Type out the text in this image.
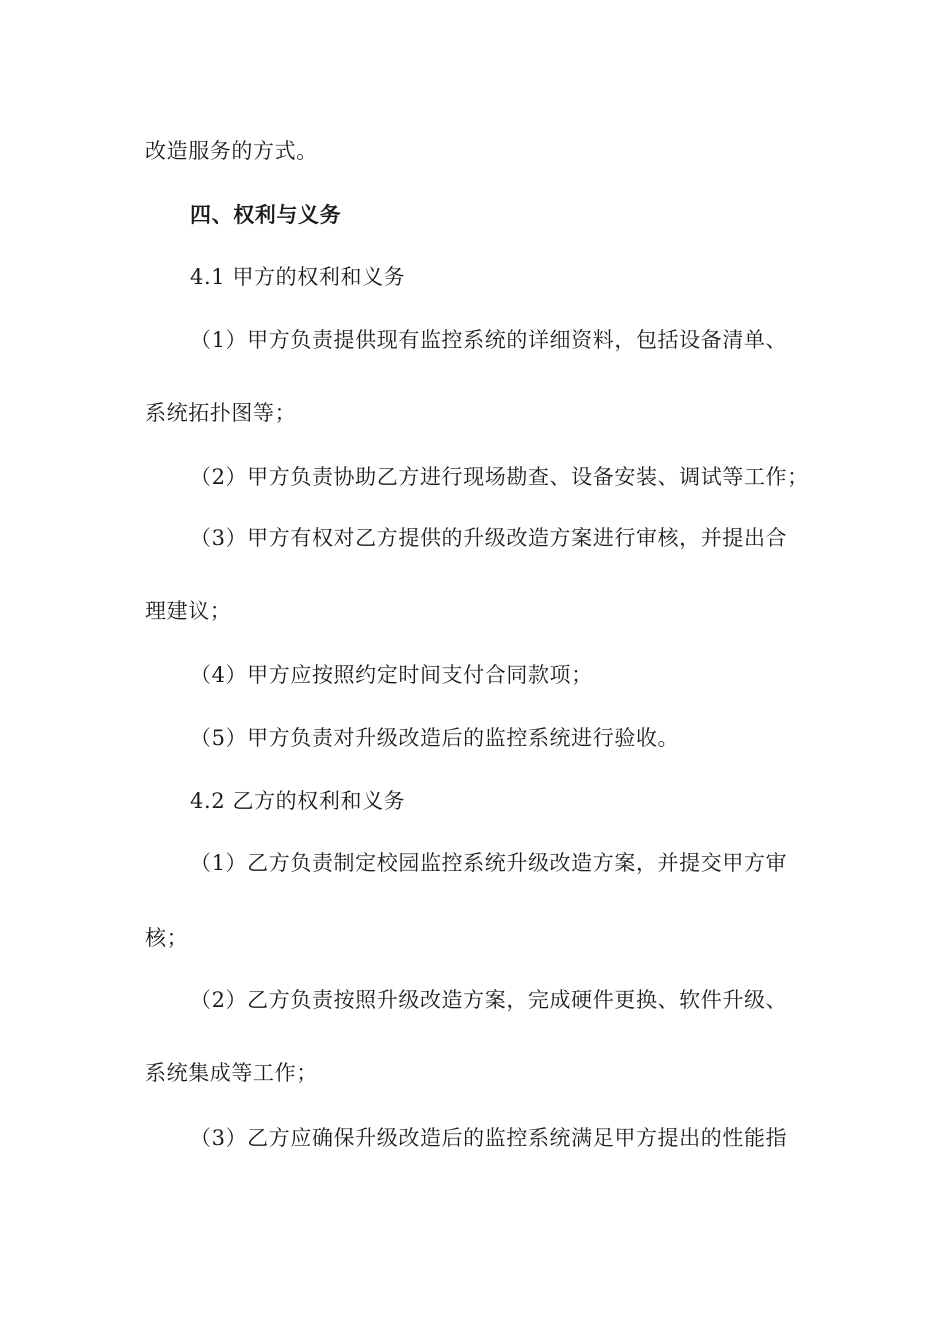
改造服务的方式。
四、权利与义务
4.1 甲方的权利和义务
（1）甲方负责提供现有监控系统的详细资料，包括设备清单、
系统拓扑图等；
（2）甲方负责协助乙方进行现场勘查、设备安装、调试等工作；
（3）甲方有权对乙方提供的升级改造方案进行审核，并提出合
理建议；
（4）甲方应按照约定时间支付合同款项；
（5）甲方负责对升级改造后的监控系统进行验收。
4.2 乙方的权利和义务
（1）乙方负责制定校园监控系统升级改造方案，并提交甲方审
核；
（2）乙方负责按照升级改造方案，完成硬件更换、软件升级、
系统集成等工作；
（3）乙方应确保升级改造后的监控系统满足甲方提出的性能指
